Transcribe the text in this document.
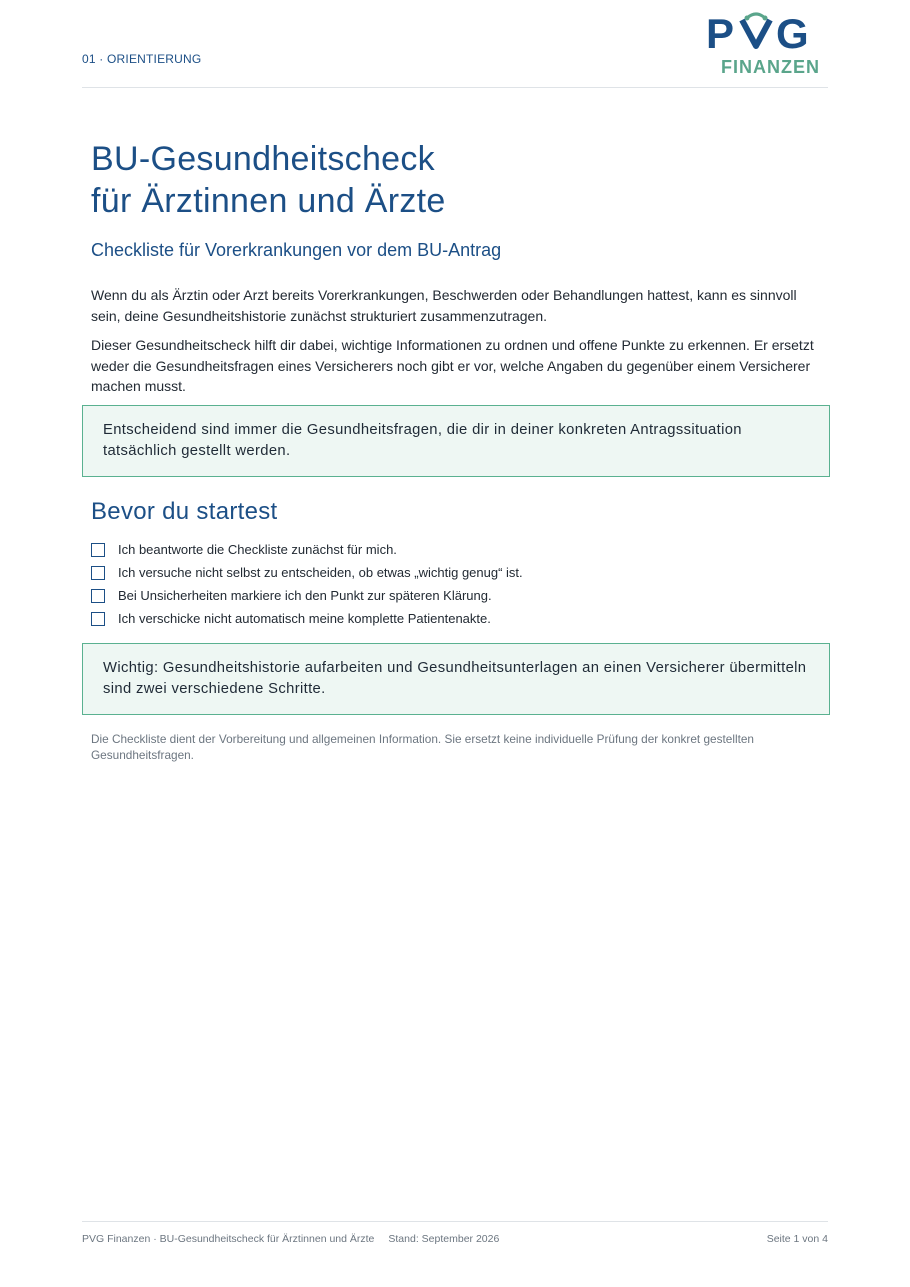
01 · ORIENTIERUNG
P G
FINANZEN
BU-Gesundheitscheck
für Ärztinnen und Ärzte
Checkliste für Vorerkrankungen vor dem BU-Antrag

Wenn du als Ärztin oder Arzt bereits Vorerkrankungen, Beschwerden oder Behandlungen hattest, kann es sinnvoll sein, deine Gesundheitshistorie zunächst strukturiert zusammenzutragen.

Dieser Gesundheitscheck hilft dir dabei, wichtige Informationen zu ordnen und offene Punkte zu erkennen. Er ersetzt weder die Gesundheitsfragen eines Versicherers noch gibt er vor, welche Angaben du gegenüber einem Versicherer machen musst.

Entscheidend sind immer die Gesundheitsfragen, die dir in deiner konkreten Antragssituation tatsächlich gestellt werden.
Bevor du startest
Ich beantworte die Checkliste zunächst für mich.
Ich versuche nicht selbst zu entscheiden, ob etwas „wichtig genug“ ist.
Bei Unsicherheiten markiere ich den Punkt zur späteren Klärung.
Ich verschicke nicht automatisch meine komplette Patientenakte.
Wichtig: Gesundheitshistorie aufarbeiten und Gesundheitsunterlagen an einen Versicherer übermitteln sind zwei verschiedene Schritte.

Die Checkliste dient der Vorbereitung und allgemeinen Information. Sie ersetzt keine individuelle Prüfung der konkret gestellten Gesundheitsfragen.

PVG Finanzen · BU-Gesundheitscheck für Ärztinnen und Ärzte Stand: September 2026	Seite 1 von 4
